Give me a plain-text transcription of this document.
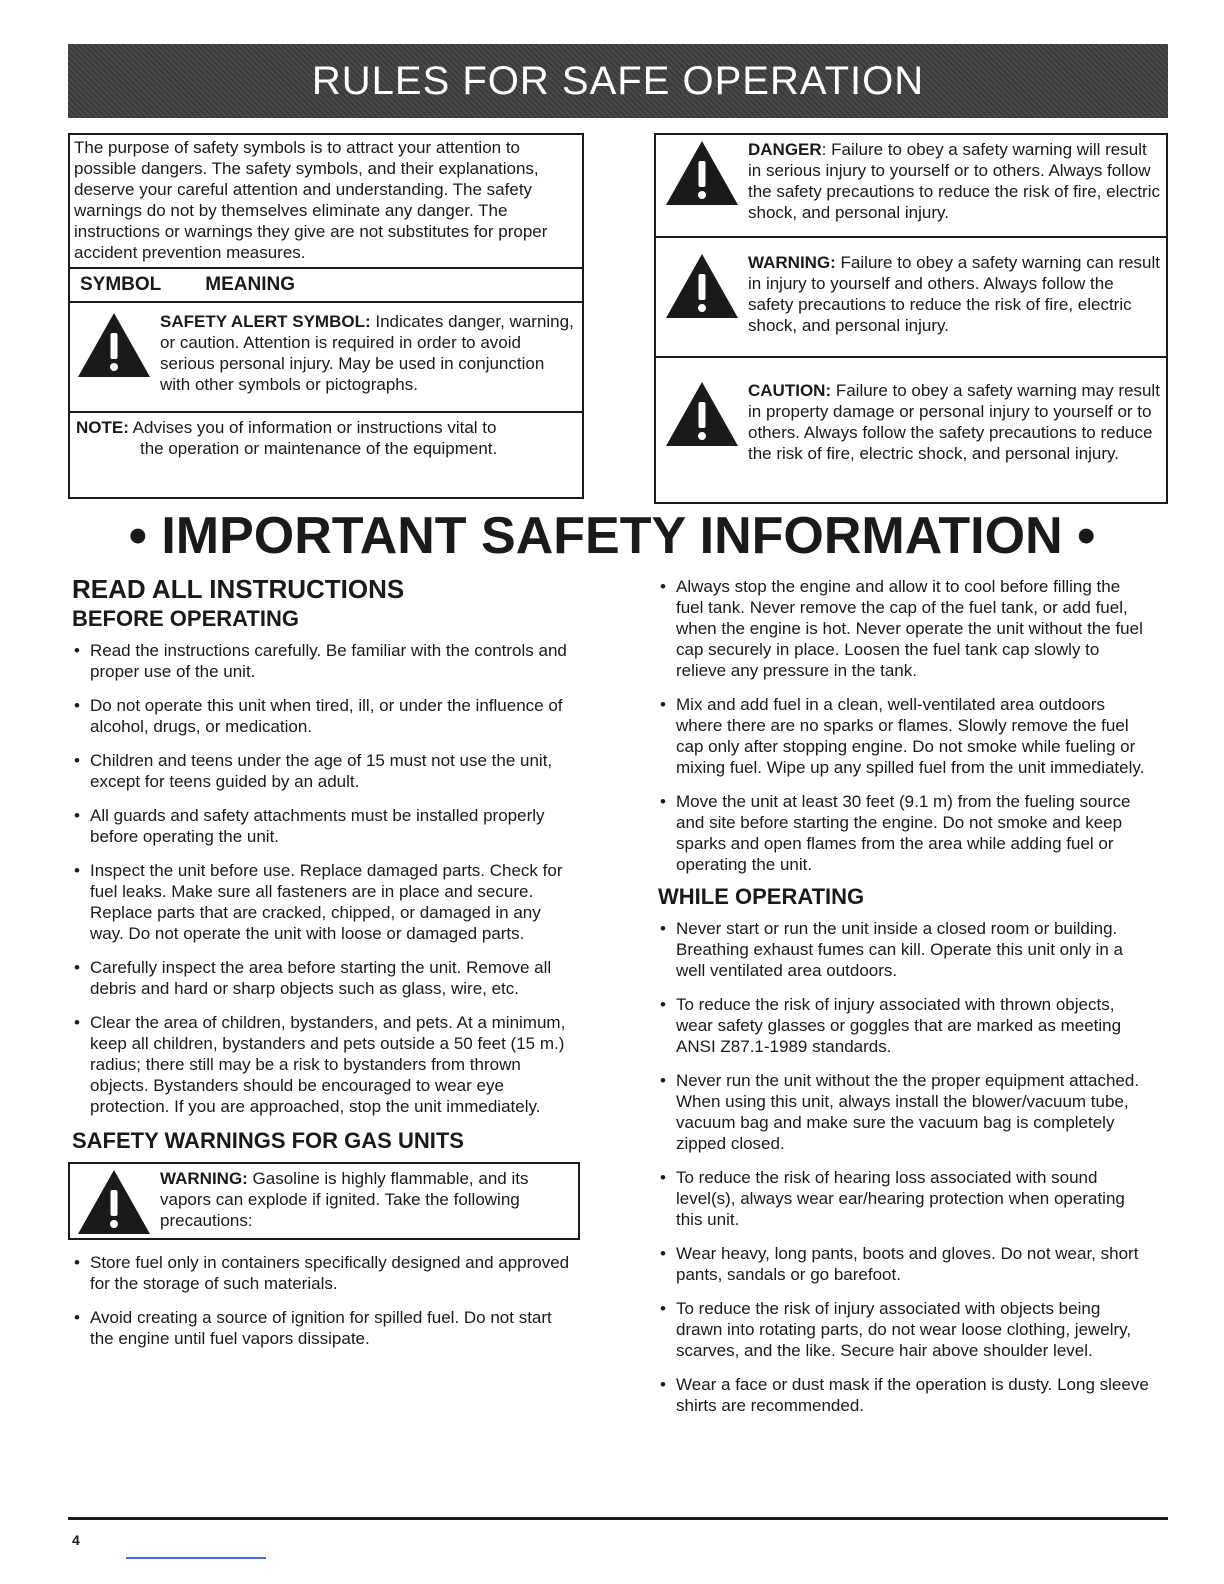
RULES FOR SAFE OPERATION
The purpose of safety symbols is to attract your attention to possible dangers. The safety symbols, and their explanations, deserve your careful attention and understanding. The safety warnings do not by themselves eliminate any danger. The instructions or warnings they give are not substitutes for proper accident prevention measures.
SYMBOL MEANING
SAFETY ALERT SYMBOL: Indicates danger, warning, or caution. Attention is required in order to avoid serious personal injury. May be used in conjunction with other symbols or pictographs.
NOTE: Advises you of information or instructions vital to
the operation or maintenance of the equipment.
DANGER: Failure to obey a safety warning will result in serious injury to yourself or to others. Always follow the safety precautions to reduce the risk of fire, electric shock, and personal injury.
WARNING: Failure to obey a safety warning can result in injury to yourself and others. Always follow the safety precautions to reduce the risk of fire, electric shock, and personal injury.
CAUTION: Failure to obey a safety warning may result in property damage or personal injury to yourself or to others. Always follow the safety precautions to reduce the risk of fire, electric shock, and personal injury.
• IMPORTANT SAFETY INFORMATION •
READ ALL INSTRUCTIONS
BEFORE OPERATING
• Read the instructions carefully. Be familiar with the controls and proper use of the unit.
• Do not operate this unit when tired, ill, or under the influence of alcohol, drugs, or medication.
• Children and teens under the age of 15 must not use the unit, except for teens guided by an adult.
• All guards and safety attachments must be installed properly before operating the unit.
• Inspect the unit before use. Replace damaged parts. Check for fuel leaks. Make sure all fasteners are in place and secure. Replace parts that are cracked, chipped, or damaged in any way. Do not operate the unit with loose or damaged parts.
• Carefully inspect the area before starting the unit. Remove all debris and hard or sharp objects such as glass, wire, etc.
• Clear the area of children, bystanders, and pets. At a minimum, keep all children, bystanders and pets outside a 50 feet (15 m.) radius; there still may be a risk to bystanders from thrown objects. Bystanders should be encouraged to wear eye protection. If you are approached, stop the unit immediately.
SAFETY WARNINGS FOR GAS UNITS
WARNING: Gasoline is highly flammable, and its vapors can explode if ignited. Take the following precautions:
• Store fuel only in containers specifically designed and approved for the storage of such materials.
• Avoid creating a source of ignition for spilled fuel. Do not start the engine until fuel vapors dissipate.
• Always stop the engine and allow it to cool before filling the fuel tank. Never remove the cap of the fuel tank, or add fuel, when the engine is hot. Never operate the unit without the fuel cap securely in place. Loosen the fuel tank cap slowly to relieve any pressure in the tank.
• Mix and add fuel in a clean, well-ventilated area outdoors where there are no sparks or flames. Slowly remove the fuel cap only after stopping engine. Do not smoke while fueling or mixing fuel. Wipe up any spilled fuel from the unit immediately.
• Move the unit at least 30 feet (9.1 m) from the fueling source and site before starting the engine. Do not smoke and keep sparks and open flames from the area while adding fuel or operating the unit.
WHILE OPERATING
• Never start or run the unit inside a closed room or building. Breathing exhaust fumes can kill. Operate this unit only in a well ventilated area outdoors.
• To reduce the risk of injury associated with thrown objects, wear safety glasses or goggles that are marked as meeting ANSI Z87.1-1989 standards.
• Never run the unit without the the proper equipment attached. When using this unit, always install the blower/vacuum tube, vacuum bag and make sure the vacuum bag is completely zipped closed.
• To reduce the risk of hearing loss associated with sound level(s), always wear ear/hearing protection when operating this unit.
• Wear heavy, long pants, boots and gloves. Do not wear, short pants, sandals or go barefoot.
• To reduce the risk of injury associated with objects being drawn into rotating parts, do not wear loose clothing, jewelry, scarves, and the like. Secure hair above shoulder level.
• Wear a face or dust mask if the operation is dusty. Long sleeve shirts are recommended.
4
